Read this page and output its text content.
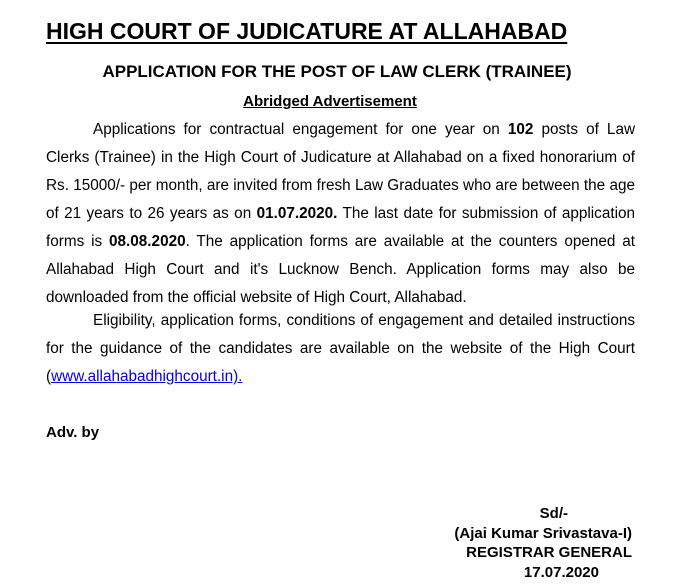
HIGH COURT OF JUDICATURE AT ALLAHABAD
APPLICATION FOR THE POST OF LAW CLERK (TRAINEE)
Abridged Advertisement

Applications for contractual engagement for one year on 102 posts of Law Clerks (Trainee) in the High Court of Judicature at Allahabad on a fixed honorarium of Rs. 15000/- per month, are invited from fresh Law Graduates who are between the age of 21 years to 26 years as on 01.07.2020. The last date for submission of application forms is 08.08.2020. The application forms are available at the counters opened at Allahabad High Court and it's Lucknow Bench. Application forms may also be downloaded from the official website of High Court, Allahabad.

Eligibility, application forms, conditions of engagement and detailed instructions for the guidance of the candidates are available on the website of the High Court (www.allahabadhighcourt.in).

Adv. by
Sd/-
(Ajai Kumar Srivastava-I)
REGISTRAR GENERAL
17.07.2020
